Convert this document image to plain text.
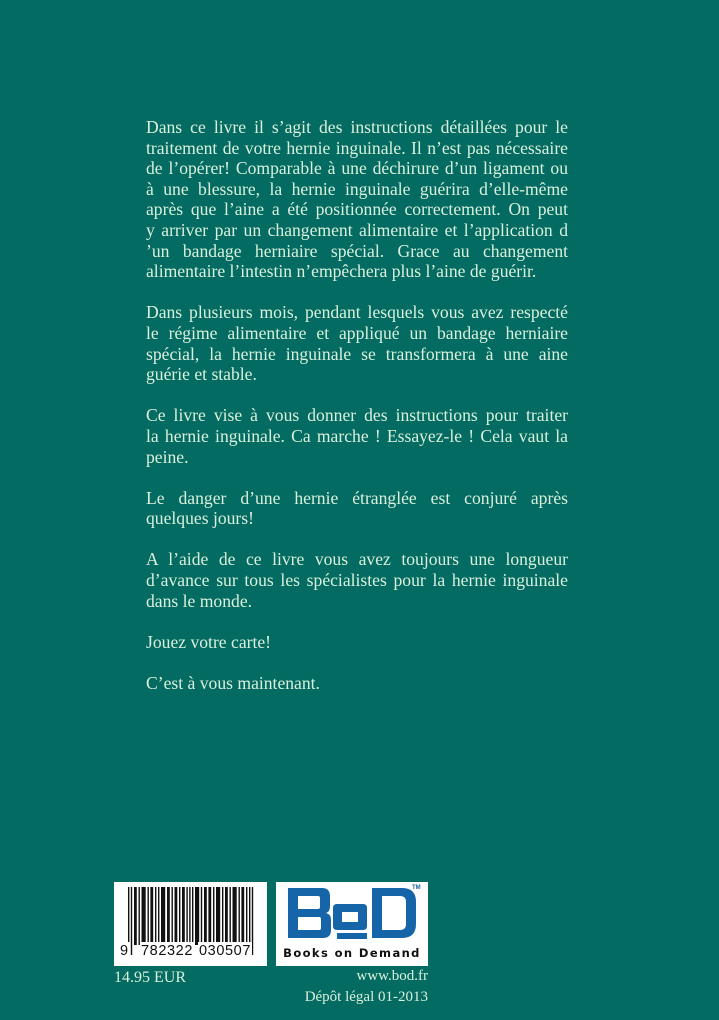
Dans ce livre il s’agit des instructions détaillées pour le
traitement de votre hernie inguinale. Il n’est pas nécessaire
de l’opérer! Comparable à une déchirure d’un ligament ou
à une blessure, la hernie inguinale guérira d’elle-même
après que l’aine a été positionnée correctement. On peut
y arriver par un changement alimentaire et l’application d
’un bandage herniaire spécial. Grace au changement
alimentaire l’intestin n’empêchera plus l’aine de guérir.

Dans plusieurs mois, pendant lesquels vous avez respecté
le régime alimentaire et appliqué un bandage herniaire
spécial, la hernie inguinale se transformera à une aine
guérie et stable.

Ce livre vise à vous donner des instructions pour traiter
la hernie inguinale. Ca marche ! Essayez-le ! Cela vaut la
peine.

Le danger d’une hernie étranglée est conjuré après
quelques jours!

A l’aide de ce livre vous avez toujours une longueur
d’avance sur tous les spécialistes pour la hernie inguinale
dans le monde.

Jouez votre carte!

C’est à vous maintenant.

9 782322 030507
14.95 EUR
TM
Books on Demand
www.bod.fr
Dépôt légal 01-2013
